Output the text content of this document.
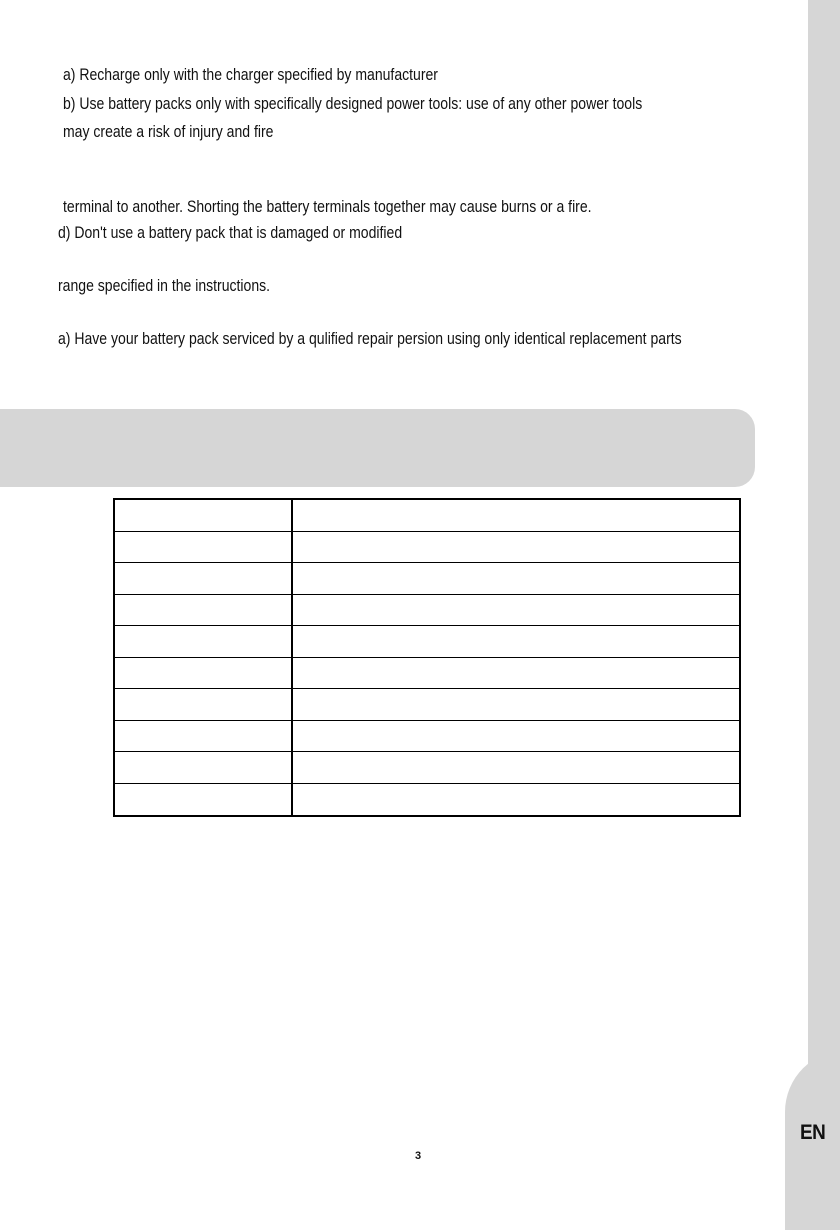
EN
a) Recharge only with the charger specified by manufacturer
b) Use battery packs only with specifically designed power tools: use of any other power tools
may create a risk of injury and fire
terminal to another. Shorting the battery terminals together may cause burns or a fire.
d) Don't use a battery pack that is damaged or modified
range specified in the instructions.
a) Have your battery pack serviced by a qulified repair persion using only identical replacement parts
3
